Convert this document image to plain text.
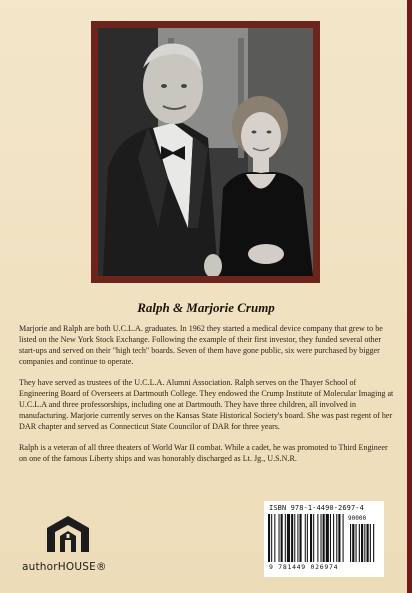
Ralph & Marjorie Crump

Marjorie and Ralph are both U.C.L.A. graduates. In 1962 they started a medical device company that grew to be listed on the New York Stock Exchange. Following the example of their first investor, they funded several other start-ups and served on their "high tech" boards. Seven of them have gone public, six were purchased by bigger companies and continue to operate.

They have served as trustees of the U.C.L.A. Alumni Association. Ralph serves on the Thayer School of Engineering Board of Overseers at Dartmouth College. They endowed the Crump Institute of Molecular Imaging at U.C.L.A and three professorships, including one at Dartmouth. They have three children, all involved in manufacturing. Marjorie currently serves on the Kansas State Historical Society's board. She was past regent of her DAR chapter and served as Connecticut State Councilor of DAR for three years.

Ralph is a veteran of all three theaters of World War II combat. While a cadet, he was promoted to Third Engineer on one of the famous Liberty ships and was honorably discharged as Lt. Jg., U.S.N.R.

authorHOUSE®
ISBN 978-1-4490-2697-4
90000
9 781449 026974
